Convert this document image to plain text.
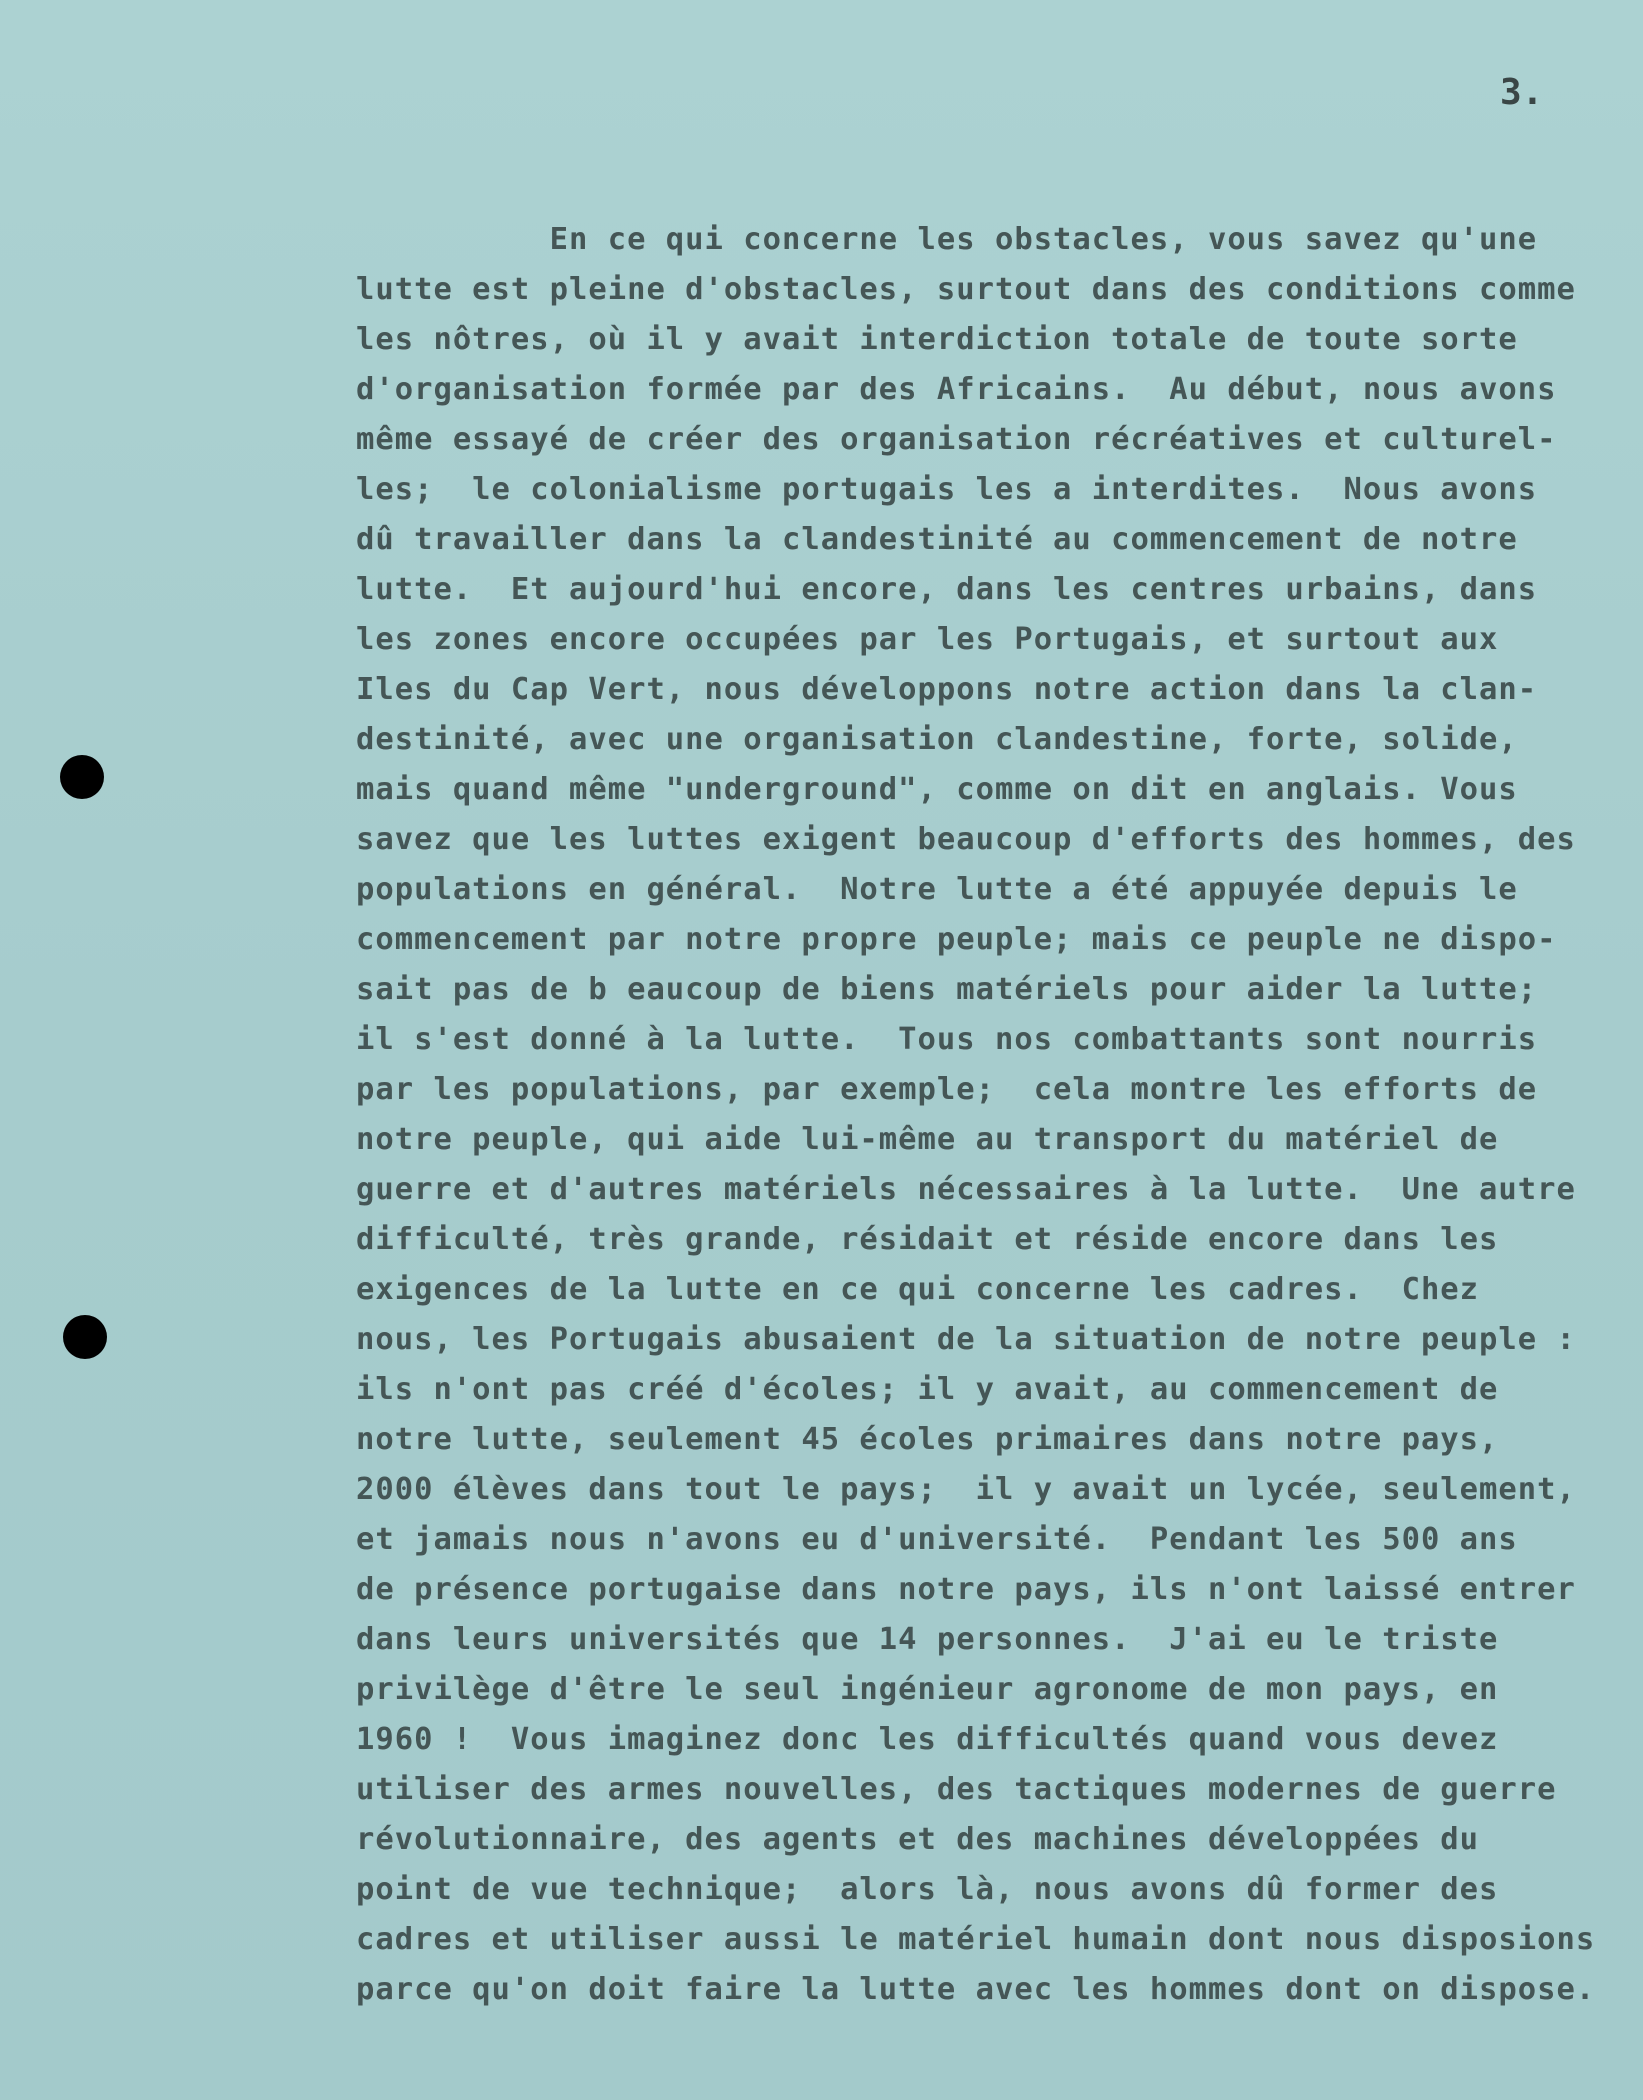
3.
En ce qui concerne les obstacles, vous savez qu'une
lutte est pleine d'obstacles, surtout dans des conditions comme
les nôtres, où il y avait interdiction totale de toute sorte
d'organisation formée par des Africains.  Au début, nous avons
même essayé de créer des organisation récréatives et culturel-
les;  le colonialisme portugais les a interdites.  Nous avons
dû travailler dans la clandestinité au commencement de notre
lutte.  Et aujourd'hui encore, dans les centres urbains, dans
les zones encore occupées par les Portugais, et surtout aux
Iles du Cap Vert, nous développons notre action dans la clan-
destinité, avec une organisation clandestine, forte, solide,
mais quand même "underground", comme on dit en anglais. Vous
savez que les luttes exigent beaucoup d'efforts des hommes, des
populations en général.  Notre lutte a été appuyée depuis le
commencement par notre propre peuple; mais ce peuple ne dispo-
sait pas de b eaucoup de biens matériels pour aider la lutte;
il s'est donné à la lutte.  Tous nos combattants sont nourris
par les populations, par exemple;  cela montre les efforts de
notre peuple, qui aide lui-même au transport du matériel de
guerre et d'autres matériels nécessaires à la lutte.  Une autre
difficulté, très grande, résidait et réside encore dans les
exigences de la lutte en ce qui concerne les cadres.  Chez
nous, les Portugais abusaient de la situation de notre peuple :
ils n'ont pas créé d'écoles; il y avait, au commencement de
notre lutte, seulement 45 écoles primaires dans notre pays,
2000 élèves dans tout le pays;  il y avait un lycée, seulement,
et jamais nous n'avons eu d'université.  Pendant les 500 ans
de présence portugaise dans notre pays, ils n'ont laissé entrer
dans leurs universités que 14 personnes.  J'ai eu le triste
privilège d'être le seul ingénieur agronome de mon pays, en
1960 !  Vous imaginez donc les difficultés quand vous devez
utiliser des armes nouvelles, des tactiques modernes de guerre
révolutionnaire, des agents et des machines développées du
point de vue technique;  alors là, nous avons dû former des
cadres et utiliser aussi le matériel humain dont nous disposions
parce qu'on doit faire la lutte avec les hommes dont on dispose.
